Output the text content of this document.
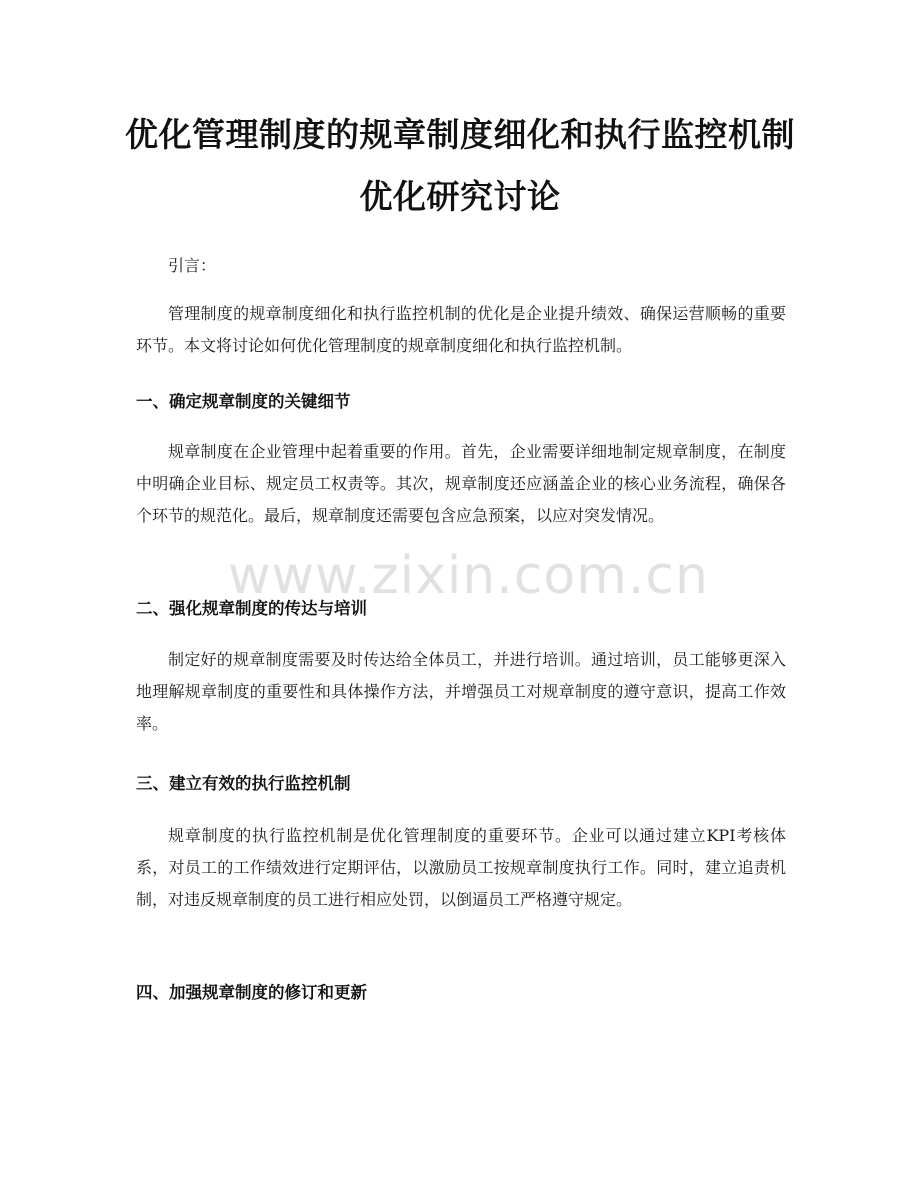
优化管理制度的规章制度细化和执行监控机制优化研究讨论

引言：

管理制度的规章制度细化和执行监控机制的优化是企业提升绩效、确保运营顺畅的重要环节。本文将讨论如何优化管理制度的规章制度细化和执行监控机制。

一、确定规章制度的关键细节

规章制度在企业管理中起着重要的作用。首先，企业需要详细地制定规章制度，在制度中明确企业目标、规定员工权责等。其次，规章制度还应涵盖企业的核心业务流程，确保各个环节的规范化。最后，规章制度还需要包含应急预案，以应对突发情况。

二、强化规章制度的传达与培训

制定好的规章制度需要及时传达给全体员工，并进行培训。通过培训，员工能够更深入地理解规章制度的重要性和具体操作方法，并增强员工对规章制度的遵守意识，提高工作效率。

三、建立有效的执行监控机制

规章制度的执行监控机制是优化管理制度的重要环节。企业可以通过建立KPI考核体系，对员工的工作绩效进行定期评估，以激励员工按规章制度执行工作。同时，建立追责机制，对违反规章制度的员工进行相应处罚，以倒逼员工严格遵守规定。

四、加强规章制度的修订和更新
www.zixin.com.cn
